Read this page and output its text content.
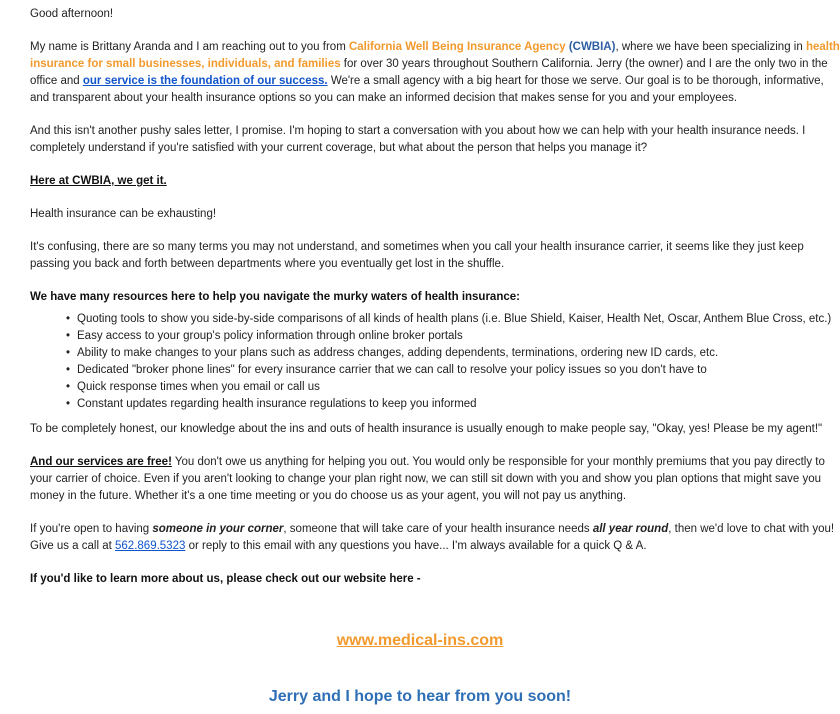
Good afternoon!

My name is Brittany Aranda and I am reaching out to you from California Well Being Insurance Agency (CWBIA), where we have been specializing in health insurance for small businesses, individuals, and families for over 30 years throughout Southern California. Jerry (the owner) and I are the only two in the office and our service is the foundation of our success. We're a small agency with a big heart for those we serve. Our goal is to be thorough, informative, and transparent about your health insurance options so you can make an informed decision that makes sense for you and your employees.

And this isn't another pushy sales letter, I promise. I'm hoping to start a conversation with you about how we can help with your health insurance needs. I completely understand if you're satisfied with your current coverage, but what about the person that helps you manage it?

Here at CWBIA, we get it.

Health insurance can be exhausting!

It's confusing, there are so many terms you may not understand, and sometimes when you call your health insurance carrier, it seems like they just keep passing you back and forth between departments where you eventually get lost in the shuffle.

We have many resources here to help you navigate the murky waters of health insurance:

• Quoting tools to show you side-by-side comparisons of all kinds of health plans (i.e. Blue Shield, Kaiser, Health Net, Oscar, Anthem Blue Cross, etc.)
• Easy access to your group's policy information through online broker portals
• Ability to make changes to your plans such as address changes, adding dependents, terminations, ordering new ID cards, etc.
• Dedicated "broker phone lines" for every insurance carrier that we can call to resolve your policy issues so you don't have to
• Quick response times when you email or call us
• Constant updates regarding health insurance regulations to keep you informed

To be completely honest, our knowledge about the ins and outs of health insurance is usually enough to make people say, "Okay, yes! Please be my agent!"

And our services are free! You don't owe us anything for helping you out. You would only be responsible for your monthly premiums that you pay directly to your carrier of choice. Even if you aren't looking to change your plan right now, we can still sit down with you and show you plan options that might save you money in the future. Whether it's a one time meeting or you do choose us as your agent, you will not pay us anything.

If you're open to having someone in your corner, someone that will take care of your health insurance needs all year round, then we'd love to chat with you! Give us a call at 562.869.5323 or reply to this email with any questions you have... I'm always available for a quick Q & A.

If you'd like to learn more about us, please check out our website here -

www.medical-ins.com
Jerry and I hope to hear from you soon!
